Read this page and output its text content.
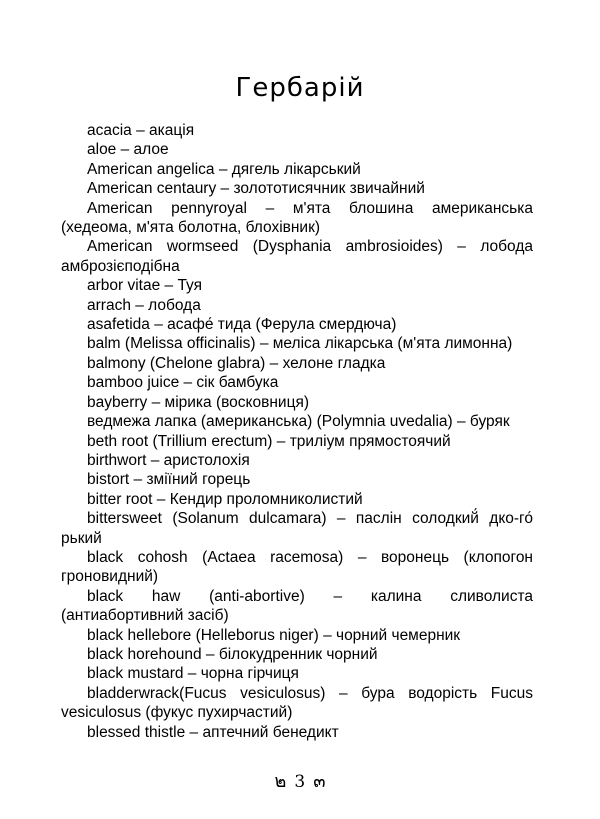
Гербарій

acacia – акація

aloe – алое

American angelica – дягель лікарський

American centaury – золототисячник звичайний

American pennyroyal – м'ята блошина американська (хедеома, м'ята болотна, блохівник)

American wormseed (Dysphania ambrosioides) – лобода амброзієподібна

arbor vitae – Туя

arrach – лобода

asafetida – асафе́ тида (Ферула смердюча)

balm (Melissa officinalis) – меліса лікарська (м'ята лимонна)

balmony (Chelone glabra) – хелоне гладка

bamboo juice – сік бамбука

bayberry – мірика (восковниця)

ведмежа лапка (американська) (Polymnia uvedalia) – буряк

beth root (Trillium erectum) – триліум прямостоячий

birthwort – аристолохія

bistort – зміїний горець

bitter root – Кендир проломниколистий

bittersweet (Solanum dulcamara) – паслін солодкий́ дко-го́ рький

black cohosh (Actaea racemosa) – воронець (клопогон гроновидний)

black haw (anti-abortive) – калина сливолиста (антиабортивний засіб)

black hellebore (Helleborus niger) – чорний чемерник

black horehound – білокудренник чорний

black mustard – чорна гірчиця

bladderwrack(Fucus vesiculosus) – бура водорість Fucus vesiculosus (фукус пухирчастий)

blessed thistle – аптечний бенедикт

๒ 3 ๓
